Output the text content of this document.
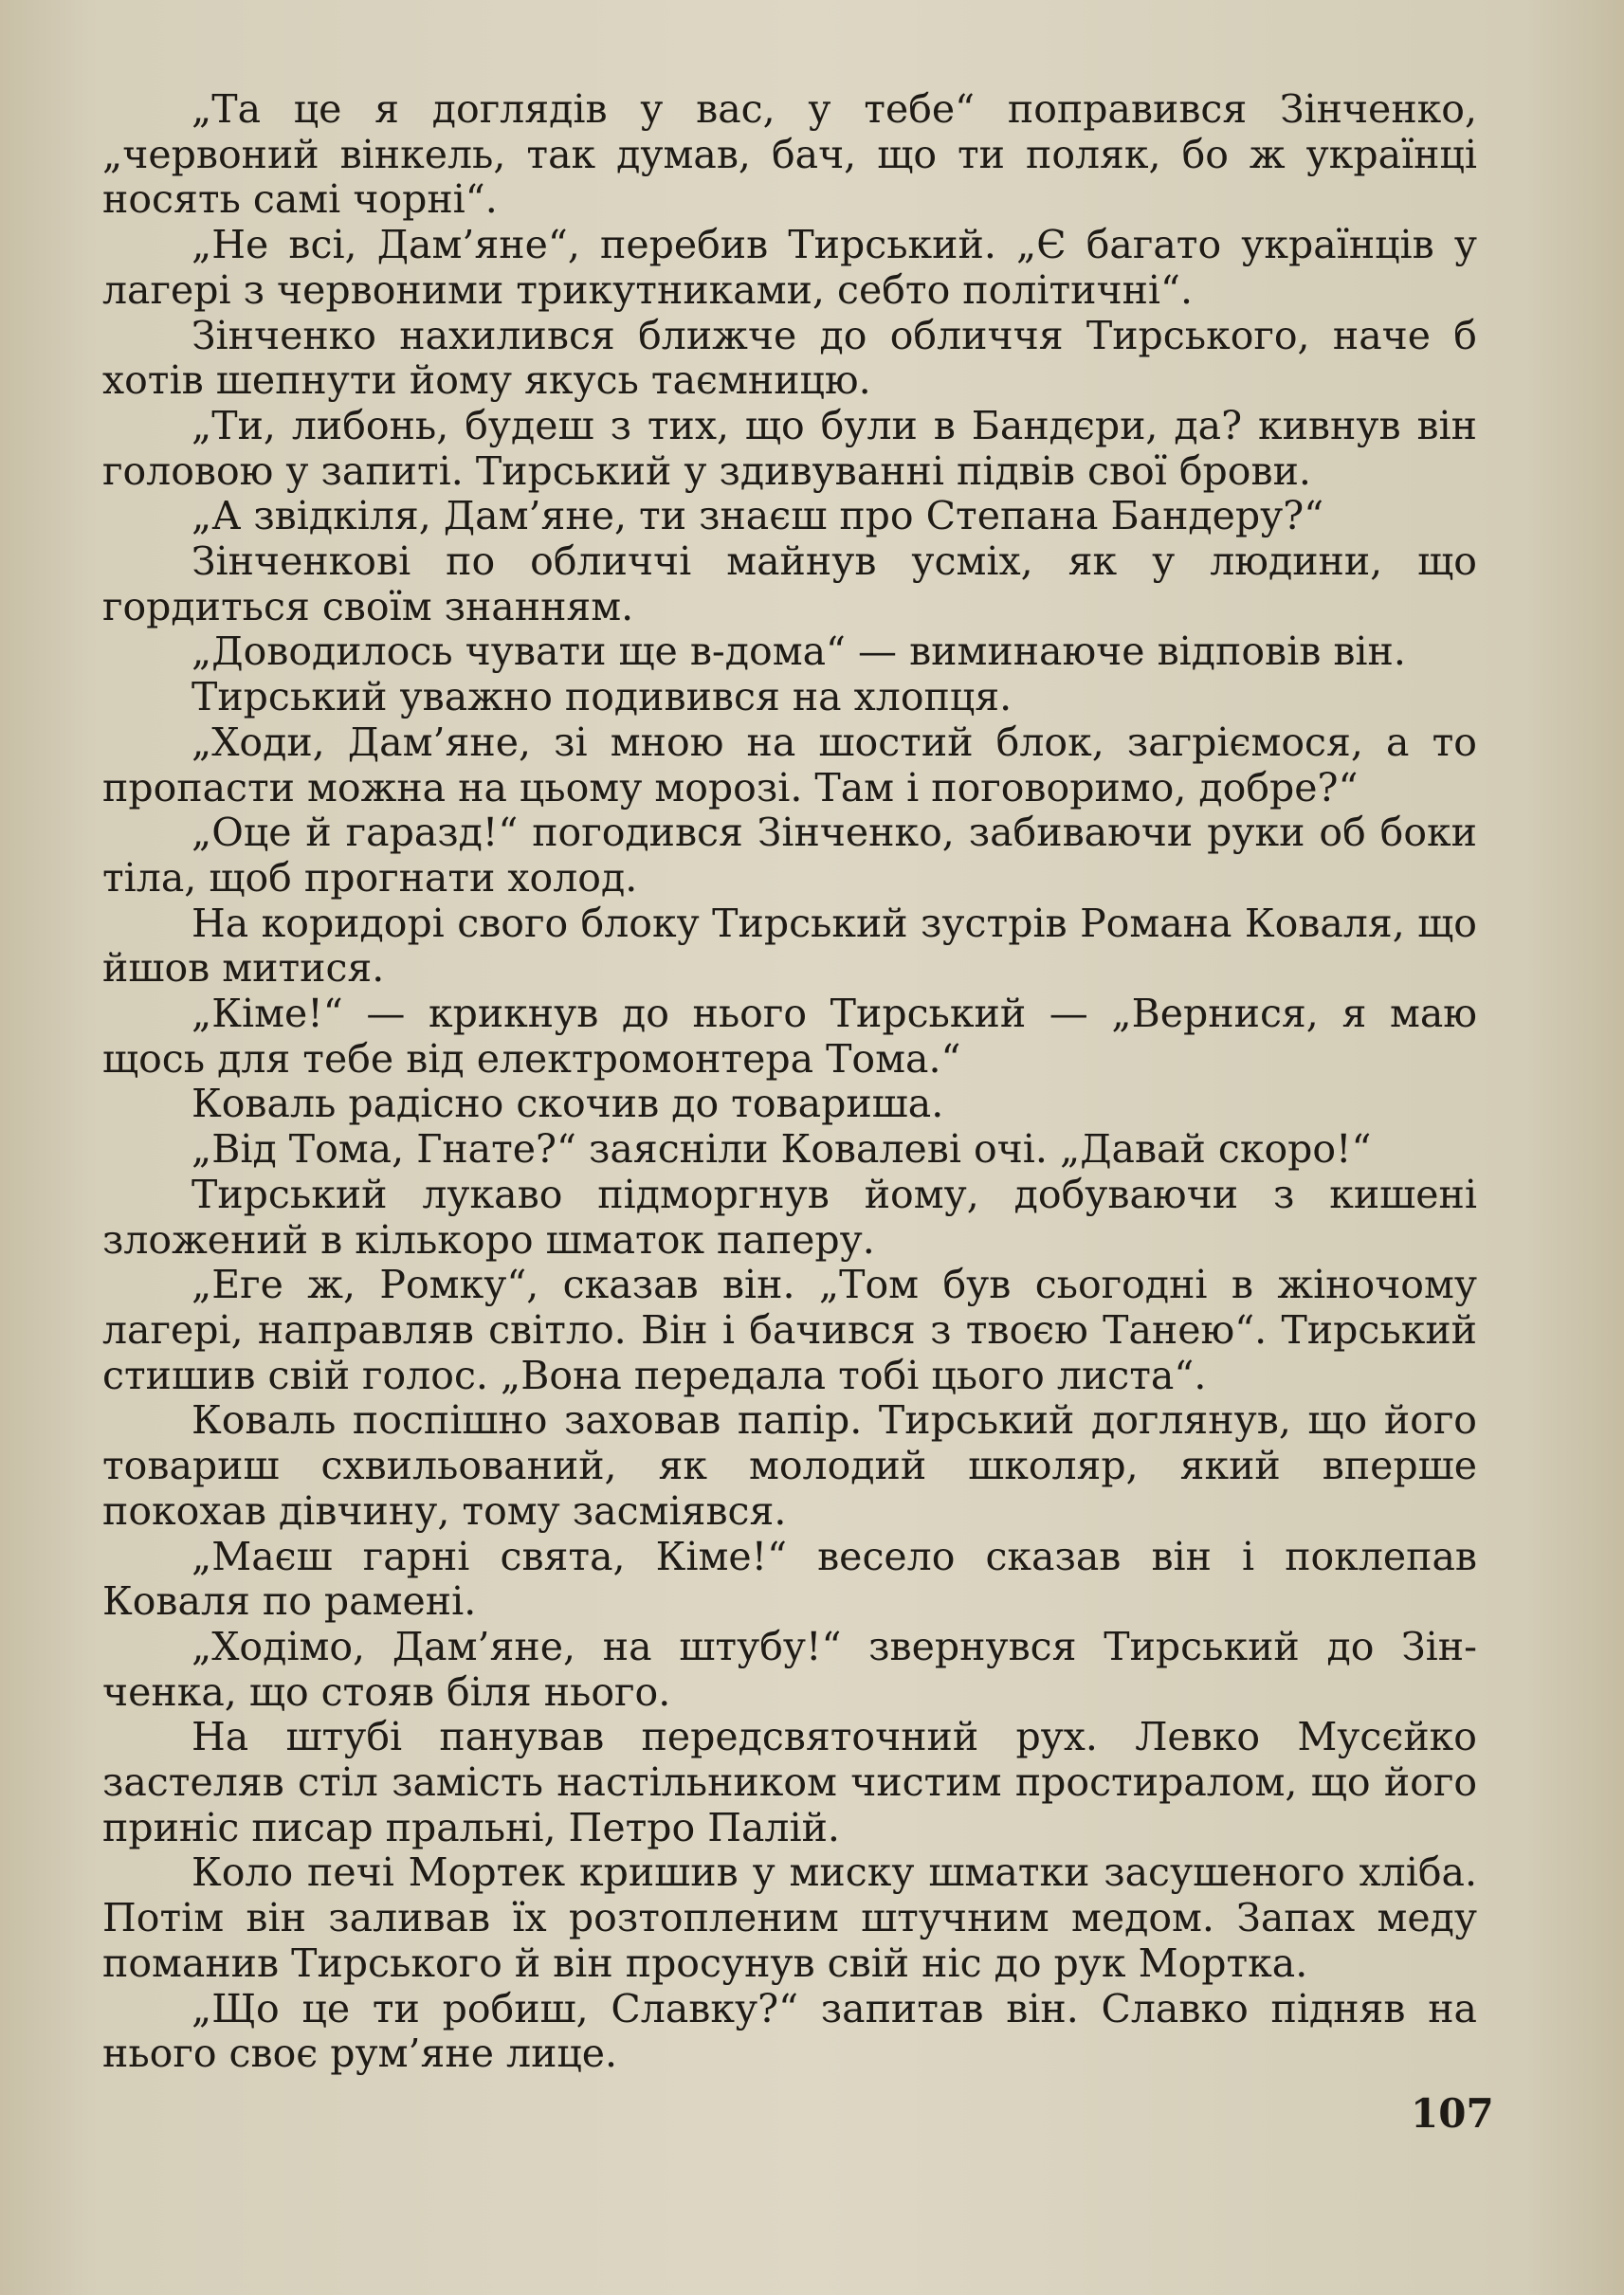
„Та це я доглядів у вас, у тебе“ поправився Зінченко, „червоний вінкель, так думав, бач, що ти поляк, бо ж українці носять самі чорні“.

„Не всі, Дам’яне“, перебив Тирський. „Є багато українців у лагері з червоними трикутниками, себто політичні“.

Зінченко нахилився ближче до обличчя Тирського, наче б хотів шепнути йому якусь таємницю.

„Ти, либонь, будеш з тих, що були в Бандєри, да? кивнув він головою у запиті. Тирський у здивуванні підвів свої брови.

„А звідкіля, Дам’яне, ти знаєш про Степана Бандеру?“

Зінченкові по обличчі майнув усміх, як у людини, що гордиться своїм знанням.

„Доводилось чувати ще в-дома“ — виминаюче відповів він.

Тирський уважно подивився на хлопця.

„Ходи, Дам’яне, зі мною на шостий блок, загріємося, а то пропасти можна на цьому морозі. Там і поговоримо, добре?“

„Оце й гаразд!“ погодився Зінченко, забиваючи руки об боки тіла, щоб прогнати холод.

На коридорі свого блоку Тирський зустрів Романа Коваля, що йшов митися.

„Кіме!“ — крикнув до нього Тирський — „Вернися, я маю щось для тебе від електромонтера Тома.“

Коваль радісно скочив до товариша.

„Від Тома, Гнате?“ заясніли Ковалеві очі. „Давай скоро!“

Тирський лукаво підморгнув йому, добуваючи з кишені зложений в кількоро шматок паперу.

„Еге ж, Ромку“, сказав він. „Том був сьогодні в жіночому лагері, направляв світло. Він і бачився з твоєю Танею“. Тирський стишив свій голос. „Вона передала тобі цього листа“.

Коваль поспішно заховав папір. Тирський доглянув, що його товариш схвильований, як молодий школяр, який вперше покохав дівчину, тому засміявся.

„Маєш гарні свята, Кіме!“ весело сказав він і поклепав Коваля по рамені.

„Ходімо, Дам’яне, на штубу!“ звернувся Тирський до Зінченка, що стояв біля нього.

На штубі панував передсвяточний рух. Левко Мусєйко застеляв стіл замість настільником чистим простиралом, що його приніс писар пральні, Петро Палій.

Коло печі Мортек кришив у миску шматки засушеного хліба. Потім він заливав їх розтопленим штучним медом. Запах меду поманив Тирського й він просунув свій ніс до рук Мортка.

„Що це ти робиш, Славку?“ запитав він. Славко підняв на нього своє рум’яне лице.

107
